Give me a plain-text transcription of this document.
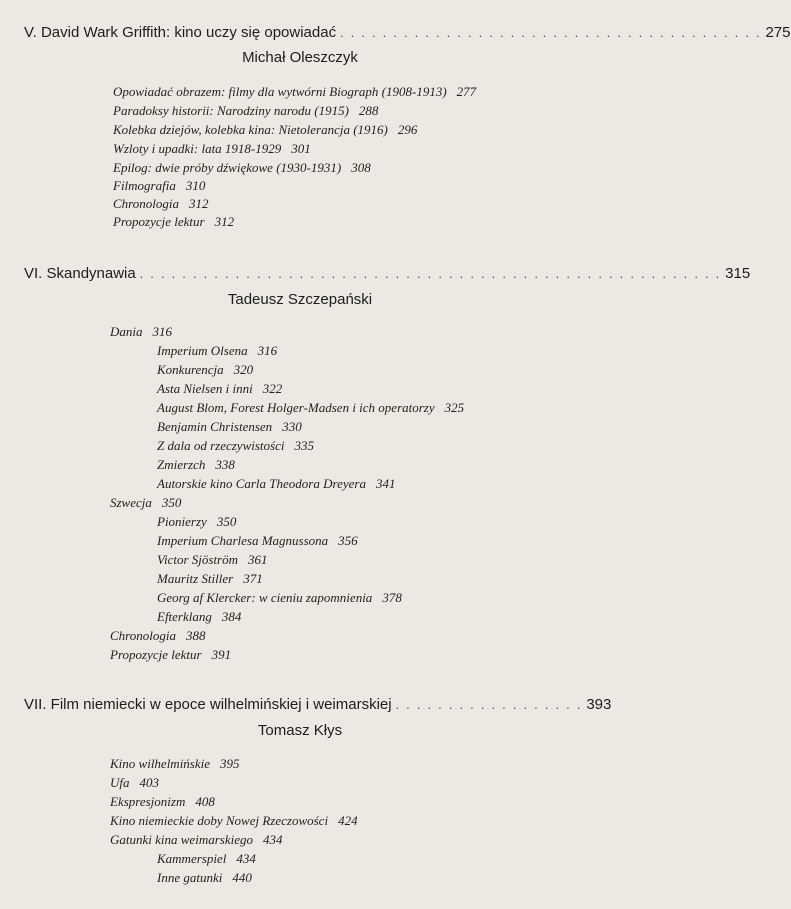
V. David Wark Griffith: kino uczy się opowiadać . . . . . . . . . . . . . . . . . . . . . . . . . . . . . . . . . . . . . . . . 275
Michał Oleszczyk
Opowiadać obrazem: filmy dla wytwórni Biograph (1908-1913) 277
Paradoksy historii: Narodziny narodu (1915) 288
Kolebka dziejów, kolebka kina: Nietolerancja (1916) 296
Wzloty i upadki: lata 1918-1929 301
Epilog: dwie próby dźwiękowe (1930-1931) 308
Filmografia 310
Chronologia 312
Propozycje lektur 312
VI. Skandynawia . . . . . . . . . . . . . . . . . . . . . . . . . . . . . . . . . . . . . . . . . . . . . . . . . . . . . . . 315
Tadeusz Szczepański
Dania 316
Imperium Olsena 316
Konkurencja 320
Asta Nielsen i inni 322
August Blom, Forest Holger-Madsen i ich operatorzy 325
Benjamin Christensen 330
Z dala od rzeczywistości 335
Zmierzch 338
Autorskie kino Carla Theodora Dreyera 341
Szwecja 350
Pionierzy 350
Imperium Charlesa Magnussona 356
Victor Sjöström 361
Mauritz Stiller 371
Georg af Klercker: w cieniu zapomnienia 378
Efterklang 384
Chronologia 388
Propozycje lektur 391
VII. Film niemiecki w epoce wilhelmińskiej i weimarskiej . . . . . . . . . . . . . . . . . . 393
Tomasz Kłys
Kino wilhelmińskie 395
Ufa 403
Ekspresjonizm 408
Kino niemieckie doby Nowej Rzeczowości 424
Gatunki kina weimarskiego 434
Kammerspiel 434
Inne gatunki 440
